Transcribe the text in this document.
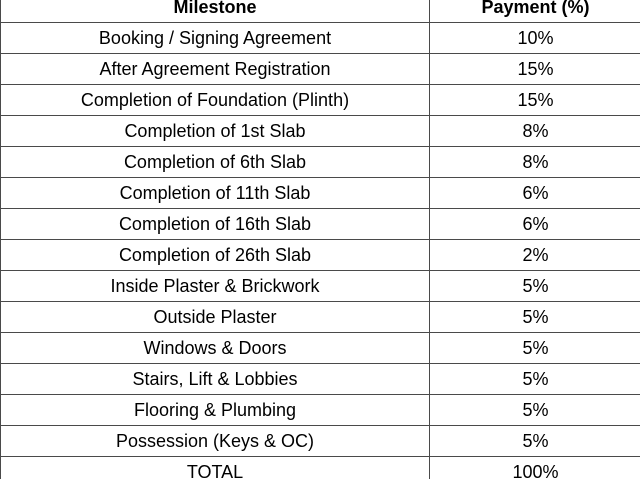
Milestone	Payment (%)
Booking / Signing Agreement	10%
After Agreement Registration	15%
Completion of Foundation (Plinth)	15%
Completion of 1st Slab	8%
Completion of 6th Slab	8%
Completion of 11th Slab	6%
Completion of 16th Slab	6%
Completion of 26th Slab	2%
Inside Plaster & Brickwork	5%
Outside Plaster	5%
Windows & Doors	5%
Stairs, Lift & Lobbies	5%
Flooring & Plumbing	5%
Possession (Keys & OC)	5%
TOTAL	100%
